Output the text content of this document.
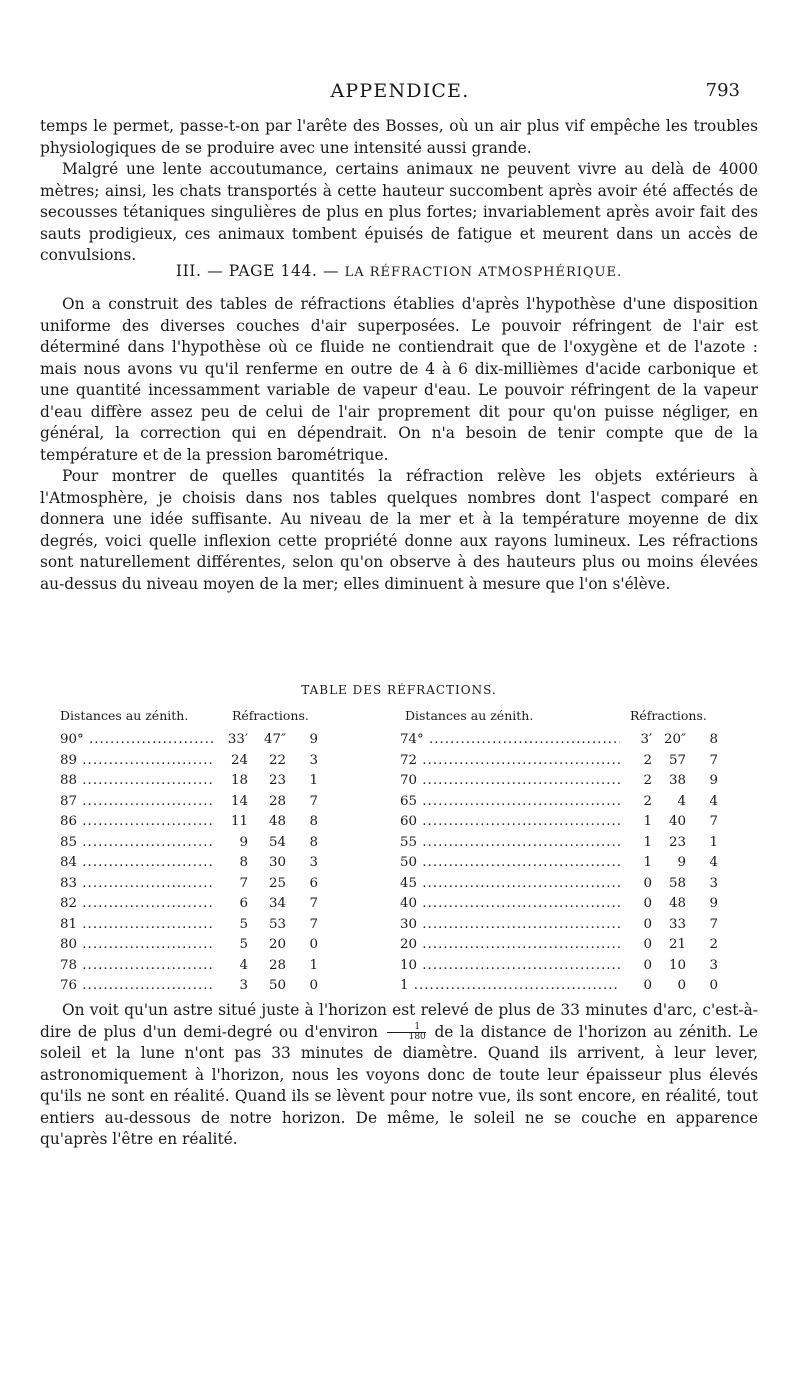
APPENDICE.	793

temps le permet, passe-t-on par l'arête des Bosses, où un air plus vif empêche les troubles physiologiques de se produire avec une intensité aussi grande.

Malgré une lente accoutumance, certains animaux ne peuvent vivre au delà de 4000 mètres; ainsi, les chats transportés à cette hauteur succombent après avoir été affectés de secousses tétaniques singulières de plus en plus fortes; invariablement après avoir fait des sauts prodigieux, ces animaux tombent épuisés de fatigue et meurent dans un accès de convulsions.

III. — PAGE 144. — LA RÉFRACTION ATMOSPHÉRIQUE.

On a construit des tables de réfractions établies d'après l'hypothèse d'une disposition uniforme des diverses couches d'air superposées. Le pouvoir réfringent de l'air est déterminé dans l'hypothèse où ce fluide ne contiendrait que de l'oxygène et de l'azote : mais nous avons vu qu'il renferme en outre de 4 à 6 dix-millièmes d'acide carbonique et une quantité incessamment variable de vapeur d'eau. Le pouvoir réfringent de la vapeur d'eau diffère assez peu de celui de l'air proprement dit pour qu'on puisse négliger, en général, la correction qui en dépendrait. On n'a besoin de tenir compte que de la température et de la pression barométrique.

Pour montrer de quelles quantités la réfraction relève les objets extérieurs à l'Atmosphère, je choisis dans nos tables quelques nombres dont l'aspect comparé en donnera une idée suffisante. Au niveau de la mer et à la température moyenne de dix degrés, voici quelle inflexion cette propriété donne aux rayons lumineux. Les réfractions sont naturellement différentes, selon qu'on observe à des hauteurs plus ou moins élevées au-dessus du niveau moyen de la mer; elles diminuent à mesure que l'on s'élève.

TABLE DES RÉFRACTIONS.
Distances au zénith.	Réfractions.	Distances au zénith.	Réfractions.
90° .....	33′ 47″	9
89 .....	24	22	3
88 .....	18	23	1
87 .....	14	28	7
86 .....	11	48	8
85 .....	9	54	8
84 .....	8	30	3
83 .....	7	25	6
82 .....	6	34	7
81 .....	5	53	7
80 .....	5	20	0
78 .....	4	28	1
76 .....	3	50	0
74° .....	3′ 20″	8
72 .....	2	57	7
70 .....	2	38	9
65 .....	2	4	4
60 .....	1	40	7
55 .....	1	23	1
50 .....	1	9	4
45 .....	0	58	3
40 .....	0	48	9
30 .....	0	33	7
20 .....	0	21	2
10 .....	0	10	3
1 .....	0	0	0

On voit qu'un astre situé juste à l'horizon est relevé de plus de 33 minutes d'arc, c'est-à-dire de plus d'un demi-degré ou d'environ $\frac{1}{180}$ de la distance de l'horizon au zénith. Le soleil et la lune n'ont pas 33 minutes de diamètre. Quand ils arrivent, à leur lever, astronomiquement à l'horizon, nous les voyons donc de toute leur épaisseur plus élevés qu'ils ne sont en réalité. Quand ils se lèvent pour notre vue, ils sont encore, en réalité, tout entiers au-dessous de notre horizon. De même, le soleil ne se couche en apparence qu'après l'être en réalité.
